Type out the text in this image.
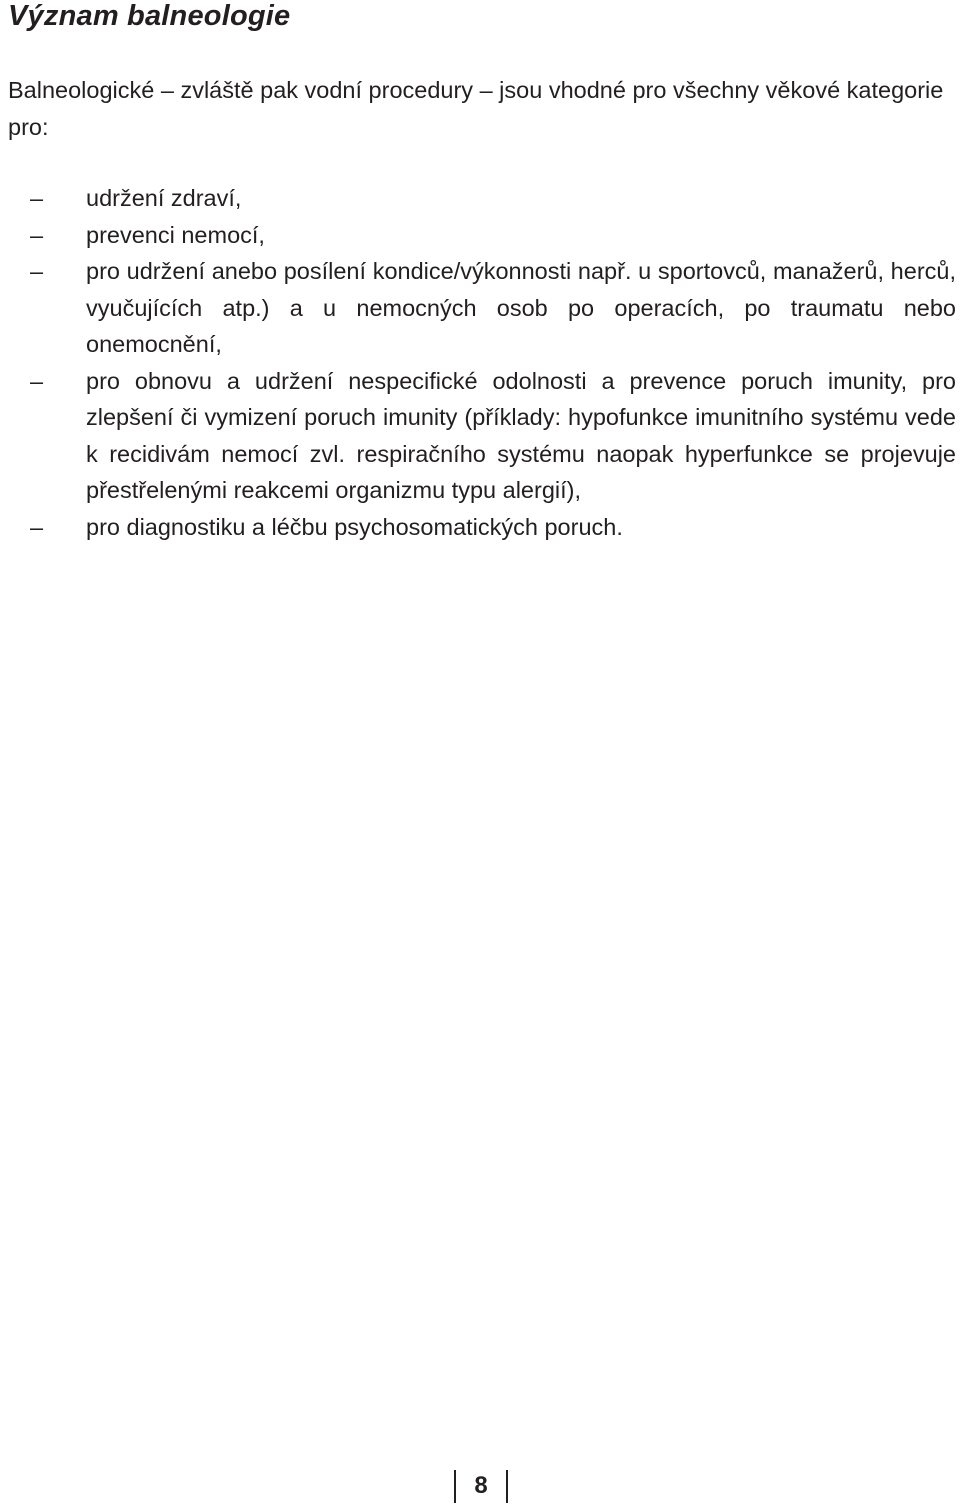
Význam balneologie

Balneologické – zvláště pak vodní procedury – jsou vhodné pro všechny věkové kategorie pro:

– udržení zdraví,
– prevenci nemocí,
– pro udržení anebo posílení kondice/výkonnosti např. u sportovců, manažerů, herců, vyučujících atp.) a u nemocných osob po operacích, po traumatu nebo onemocnění,
– pro obnovu a udržení nespecifické odolnosti a prevence poruch imunity, pro zlepšení či vymizení poruch imunity (příklady: hypofunkce imunitního systému vede k recidivám nemocí zvl. respiračního systému naopak hyperfunkce se projevuje přestřelenými reakcemi organizmu typu alergií),
– pro diagnostiku a léčbu psychosomatických poruch.
8
